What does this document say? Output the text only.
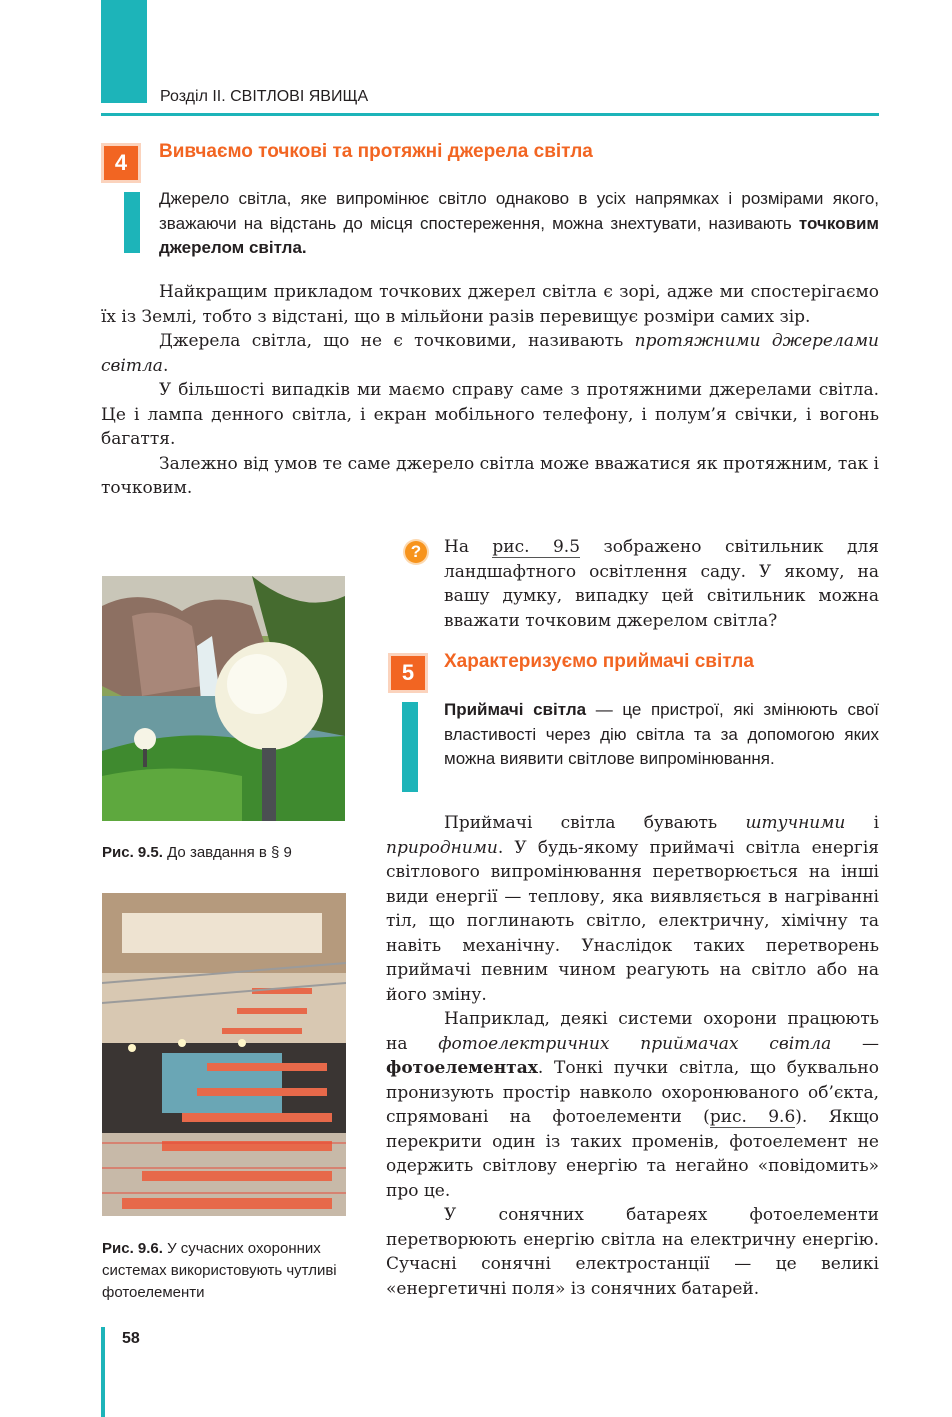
Розділ II. СВІТЛОВІ ЯВИЩА
4	Вивчаємо точкові та протяжні джерела світла

Джерело світла, яке випромінює світло однаково в усіх напрямках і розмірами якого, зважаючи на відстань до місця спостереження, можна знехтувати, називають точковим джерелом світла.

Найкращим прикладом точкових джерел світла є зорі, адже ми спостерігаємо їх із Землі, тобто з відстані, що в мільйони разів перевищує розміри самих зір.

Джерела світла, що не є точковими, називають протяжними джерелами світла.

У більшості випадків ми маємо справу саме з протяжними джерелами світла. Це і лампа денного світла, і екран мобільного телефону, і полум’я свічки, і вогонь багаття.

Залежно від умов те саме джерело світла може вважатися як протяжним, так і точковим.

?	На рис. 9.5 зображено світильник для ландшафтного освітлення саду. У якому, на вашу думку, випадку цей світильник можна вважати точковим джерелом світла?

Рис. 9.5. До завдання в § 9
Рис. 9.6. У сучасних охоронних системах використовують чутливі фотоелементи
5	Характеризуємо приймачі світла

Приймачі світла — це пристрої, які змінюють свої властивості через дію світла та за допомогою яких можна виявити світлове випромінювання.

Приймачі світла бувають штучними і природними. У будь-якому приймачі світла енергія світлового випромінювання перетворюється на інші види енергії — теплову, яка виявляється в нагріванні тіл, що поглинають світло, електричну, хімічну та навіть механічну. Унаслідок таких перетворень приймачі певним чином реагують на світло або на його зміну.

Наприклад, деякі системи охорони працюють на фотоелектричних приймачах світла — фотоелементах. Тонкі пучки світла, що буквально пронизують простір навколо охоронюваного об’єкта, спрямовані на фотоелементи (рис. 9.6). Якщо перекрити один із таких променів, фотоелемент не одержить світлову енергію та негайно «повідомить» про це.

У сонячних батареях фотоелементи перетворюють енергію світла на електричну енергію. Сучасні сонячні електростанції — це великі «енергетичні поля» із сонячних батарей.

58
